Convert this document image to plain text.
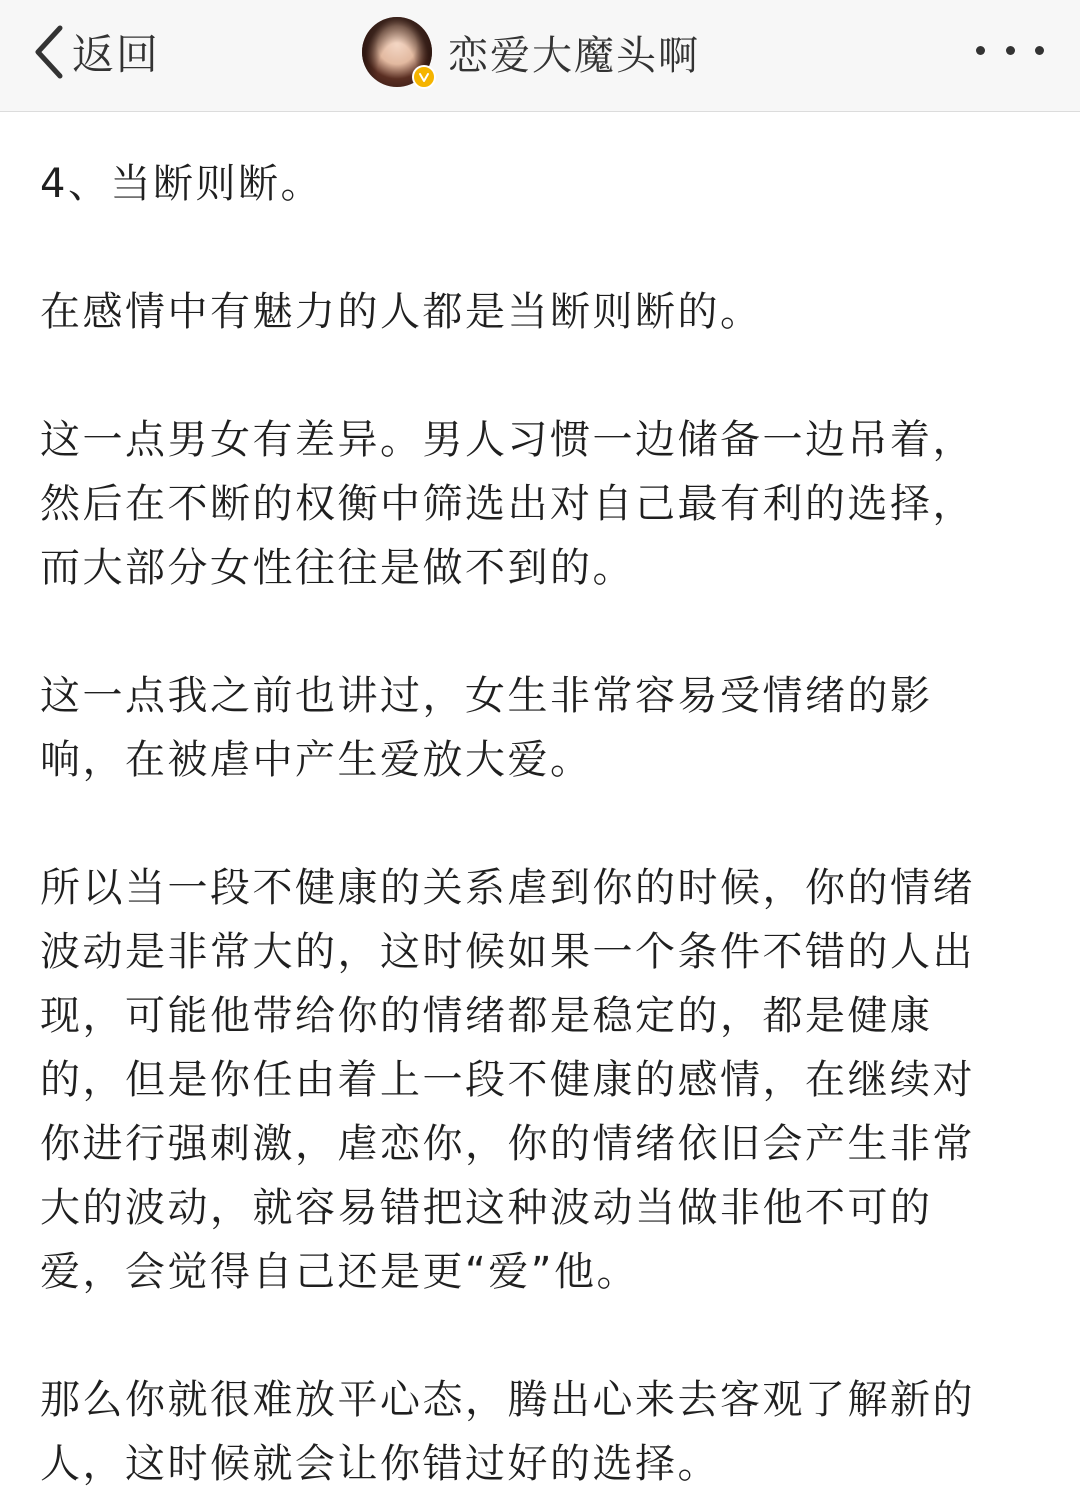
返回	恋爱大魔头啊

4、当断则断。

在感情中有魅力的人都是当断则断的。

这一点男女有差异。男人习惯一边储备一边吊着，
然后在不断的权衡中筛选出对自己最有利的选择，
而大部分女性往往是做不到的。

这一点我之前也讲过，女生非常容易受情绪的影
响，在被虐中产生爱放大爱。

所以当一段不健康的关系虐到你的时候，你的情绪
波动是非常大的，这时候如果一个条件不错的人出
现，可能他带给你的情绪都是稳定的，都是健康
的，但是你任由着上一段不健康的感情，在继续对
你进行强刺激，虐恋你，你的情绪依旧会产生非常
大的波动，就容易错把这种波动当做非他不可的
爱，会觉得自己还是更“爱”他。

那么你就很难放平心态，腾出心来去客观了解新的
人，这时候就会让你错过好的选择。
